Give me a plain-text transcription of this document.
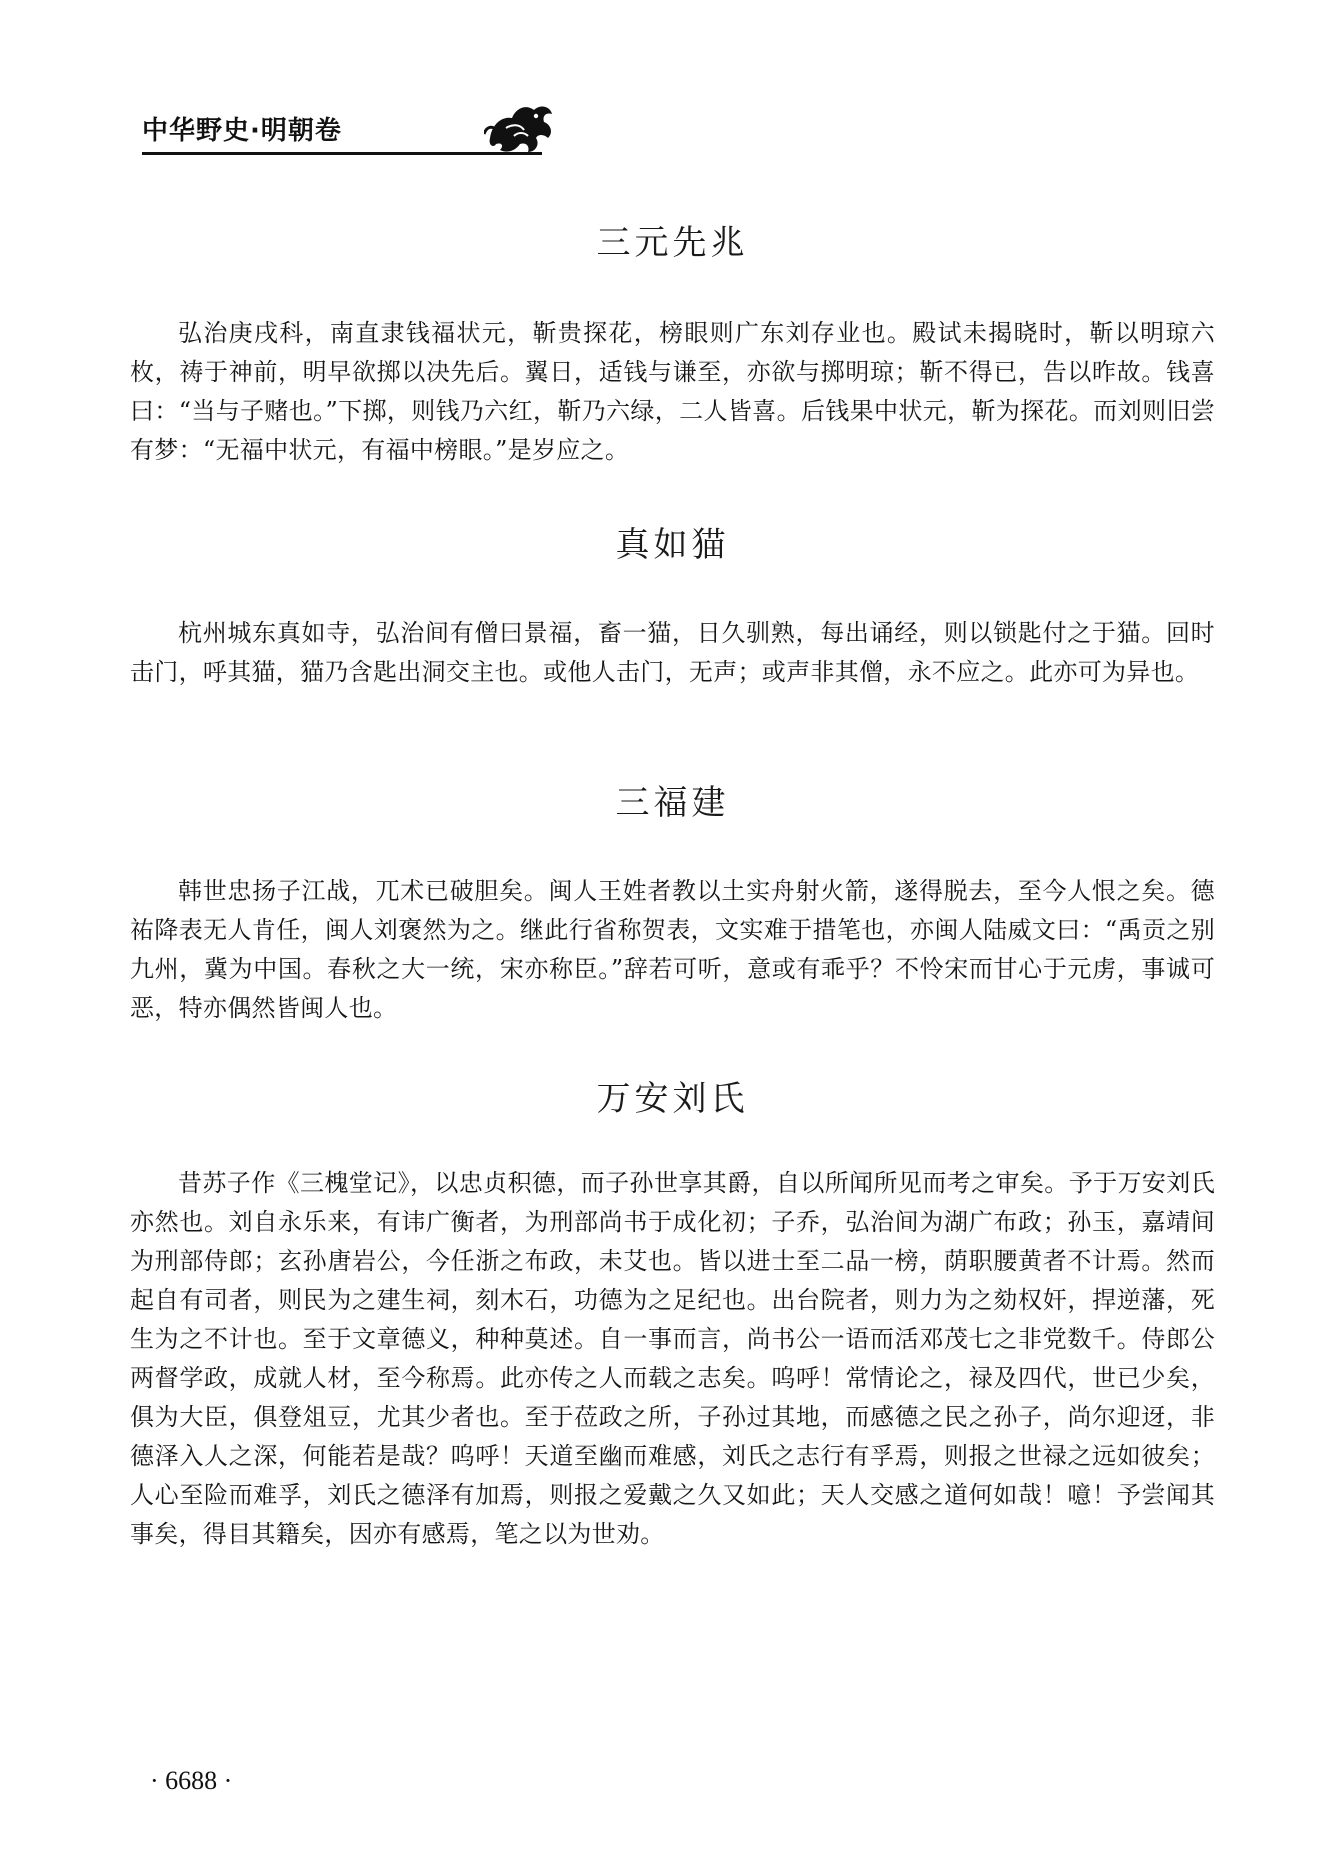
中华野史·明朝卷
三元先兆

弘治庚戌科，南直隶钱福状元，靳贵探花，榜眼则广东刘存业也。殿试未揭晓时，靳以明琼六枚，祷于神前，明早欲掷以决先后。翼日，适钱与谦至，亦欲与掷明琼；靳不得已，告以昨故。钱喜曰：“当与子赌也。”下掷，则钱乃六红，靳乃六绿，二人皆喜。后钱果中状元，靳为探花。而刘则旧尝有梦：“无福中状元，有福中榜眼。”是岁应之。

真如猫

杭州城东真如寺，弘治间有僧曰景福，畜一猫，日久驯熟，每出诵经，则以锁匙付之于猫。回时击门，呼其猫，猫乃含匙出洞交主也。或他人击门，无声；或声非其僧，永不应之。此亦可为异也。

三福建

韩世忠扬子江战，兀术已破胆矣。闽人王姓者教以土实舟射火箭，遂得脱去，至今人恨之矣。德祐降表无人肯任，闽人刘褒然为之。继此行省称贺表，文实难于措笔也，亦闽人陆威文曰：“禹贡之别九州，冀为中国。春秋之大一统，宋亦称臣。”辞若可听，意或有乖乎？不怜宋而甘心于元虏，事诚可恶，特亦偶然皆闽人也。

万安刘氏

昔苏子作《三槐堂记》，以忠贞积德，而子孙世享其爵，自以所闻所见而考之审矣。予于万安刘氏亦然也。刘自永乐来，有讳广衡者，为刑部尚书于成化初；子乔，弘治间为湖广布政；孙玉，嘉靖间为刑部侍郎；玄孙唐岩公，今任浙之布政，未艾也。皆以进士至二品一榜，荫职腰黄者不计焉。然而起自有司者，则民为之建生祠，刻木石，功德为之足纪也。出台院者，则力为之劾权奸，捍逆藩，死生为之不计也。至于文章德义，种种莫述。自一事而言，尚书公一语而活邓茂七之非党数千。侍郎公两督学政，成就人材，至今称焉。此亦传之人而载之志矣。呜呼！常情论之，禄及四代，世已少矣，俱为大臣，俱登俎豆，尤其少者也。至于莅政之所，子孙过其地，而感德之民之孙子，尚尔迎迓，非德泽入人之深，何能若是哉？呜呼！天道至幽而难感，刘氏之志行有孚焉，则报之世禄之远如彼矣；人心至险而难孚，刘氏之德泽有加焉，则报之爱戴之久又如此；天人交感之道何如哉！噫！予尝闻其事矣，得目其籍矣，因亦有感焉，笔之以为世劝。

· 6688 ·
